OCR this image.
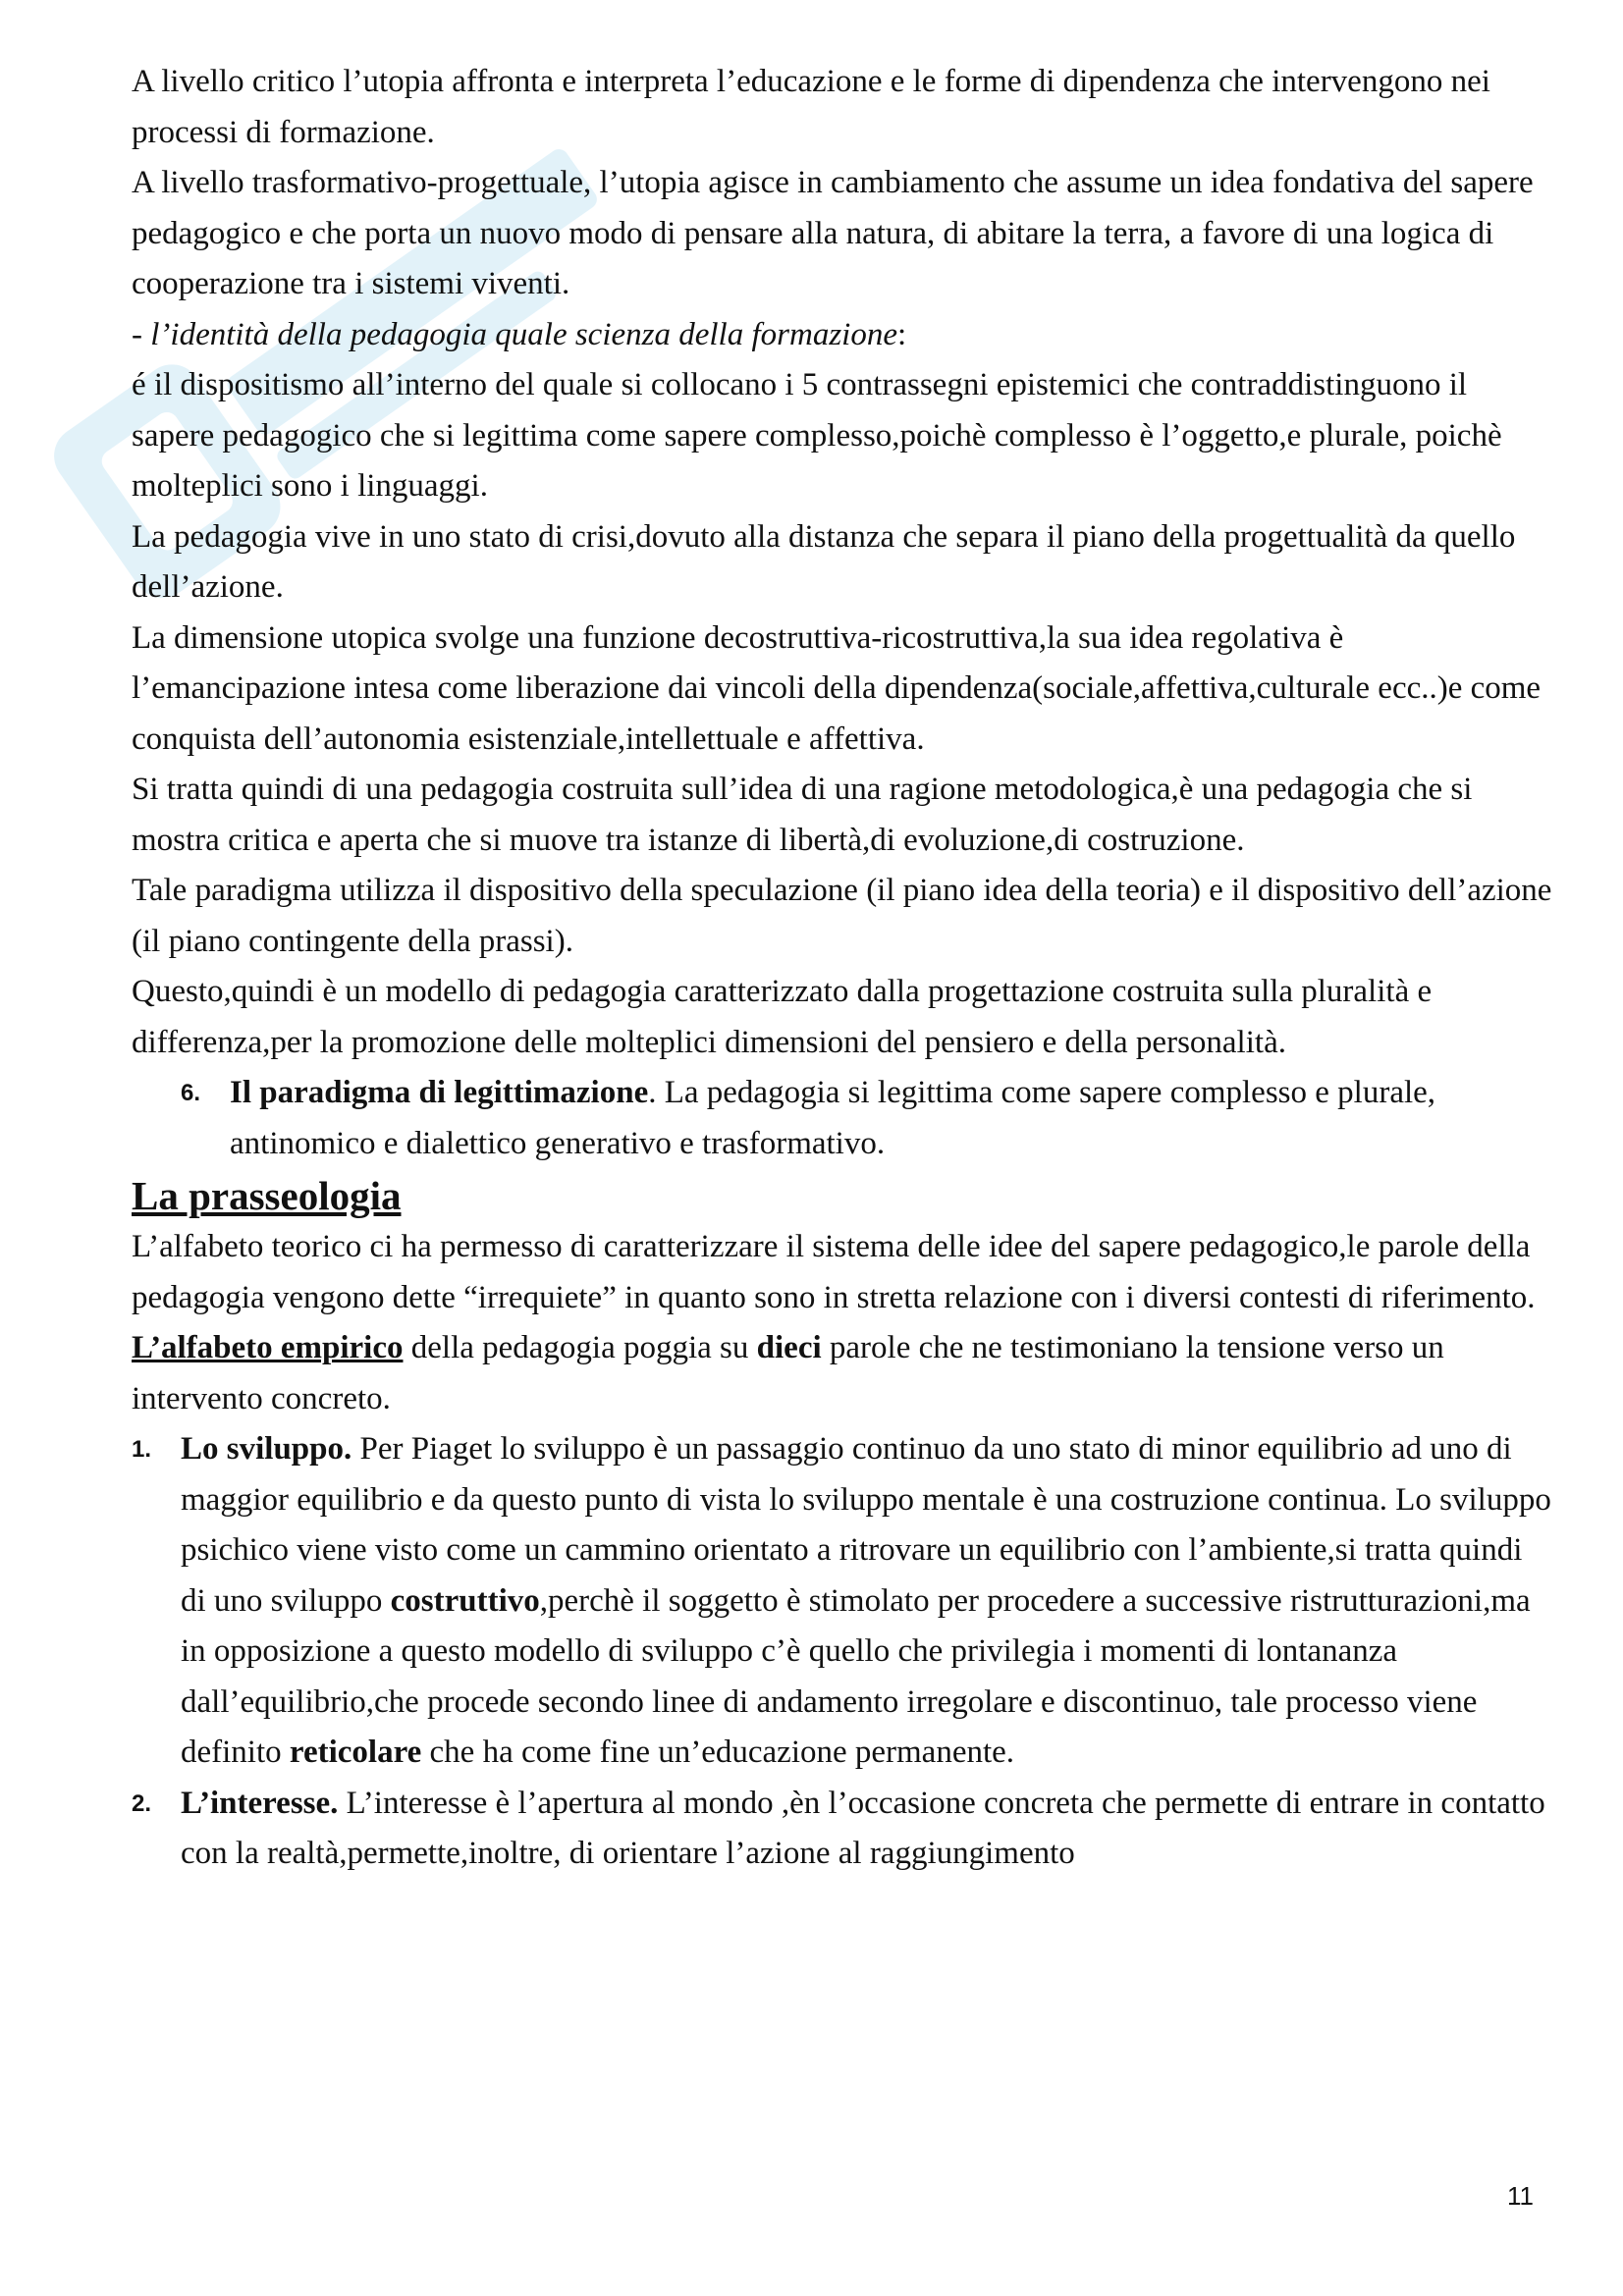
A livello critico l’utopia affronta e interpreta l’educazione e le forme di dipendenza che intervengono nei processi di formazione.

A livello trasformativo-progettuale, l’utopia agisce in cambiamento che assume un idea fondativa del sapere pedagogico e che porta un nuovo modo di pensare alla natura, di abitare la terra, a favore di una logica di cooperazione tra i sistemi viventi.

- l’identità della pedagogia quale scienza della formazione:

é il dispositismo all’interno del quale si collocano i 5 contrassegni epistemici che contraddistinguono il sapere pedagogico che si legittima come sapere complesso,poichè complesso è l’oggetto,e plurale, poichè molteplici sono i linguaggi.

La pedagogia vive in uno stato di crisi,dovuto alla distanza che separa il piano della progettualità da quello dell’azione.

La dimensione utopica svolge una funzione decostruttiva-ricostruttiva,la sua idea regolativa è l’emancipazione intesa come liberazione dai vincoli della dipendenza(sociale,affettiva,culturale ecc..)e come conquista dell’autonomia esistenziale,intellettuale e affettiva.

Si tratta quindi di una pedagogia costruita sull’idea di una ragione metodologica,è una pedagogia che si mostra critica e aperta che si muove tra istanze di libertà,di evoluzione,di costruzione.

Tale paradigma utilizza il dispositivo della speculazione (il piano idea della teoria) e il dispositivo dell’azione (il piano contingente della prassi).

Questo,quindi è un modello di pedagogia caratterizzato dalla progettazione costruita sulla pluralità e differenza,per la promozione delle molteplici dimensioni del pensiero e della personalità.

6. Il paradigma di legittimazione. La pedagogia si legittima come sapere complesso e plurale, antinomico e dialettico generativo e trasformativo.
La prasseologia

L’alfabeto teorico ci ha permesso di caratterizzare il sistema delle idee del sapere pedagogico,le parole della pedagogia vengono dette “irrequiete” in quanto sono in stretta relazione con i diversi contesti di riferimento.

L’alfabeto empirico della pedagogia poggia su dieci parole che ne testimoniano la tensione verso un intervento concreto.

1. Lo sviluppo. Per Piaget lo sviluppo è un passaggio continuo da uno stato di minor equilibrio ad uno di maggior equilibrio e da questo punto di vista lo sviluppo mentale è una costruzione continua. Lo sviluppo psichico viene visto come un cammino orientato a ritrovare un equilibrio con l’ambiente,si tratta quindi di uno sviluppo costruttivo,perchè il soggetto è stimolato per procedere a successive ristrutturazioni,ma in opposizione a questo modello di sviluppo c’è quello che privilegia i momenti di lontananza dall’equilibrio,che procede secondo linee di andamento irregolare e discontinuo, tale processo viene definito reticolare che ha come fine un’educazione permanente.
2. L’interesse. L’interesse è l’apertura al mondo ,èn l’occasione concreta che permette di entrare in contatto con la realtà,permette,inoltre, di orientare l’azione al raggiungimento
11
